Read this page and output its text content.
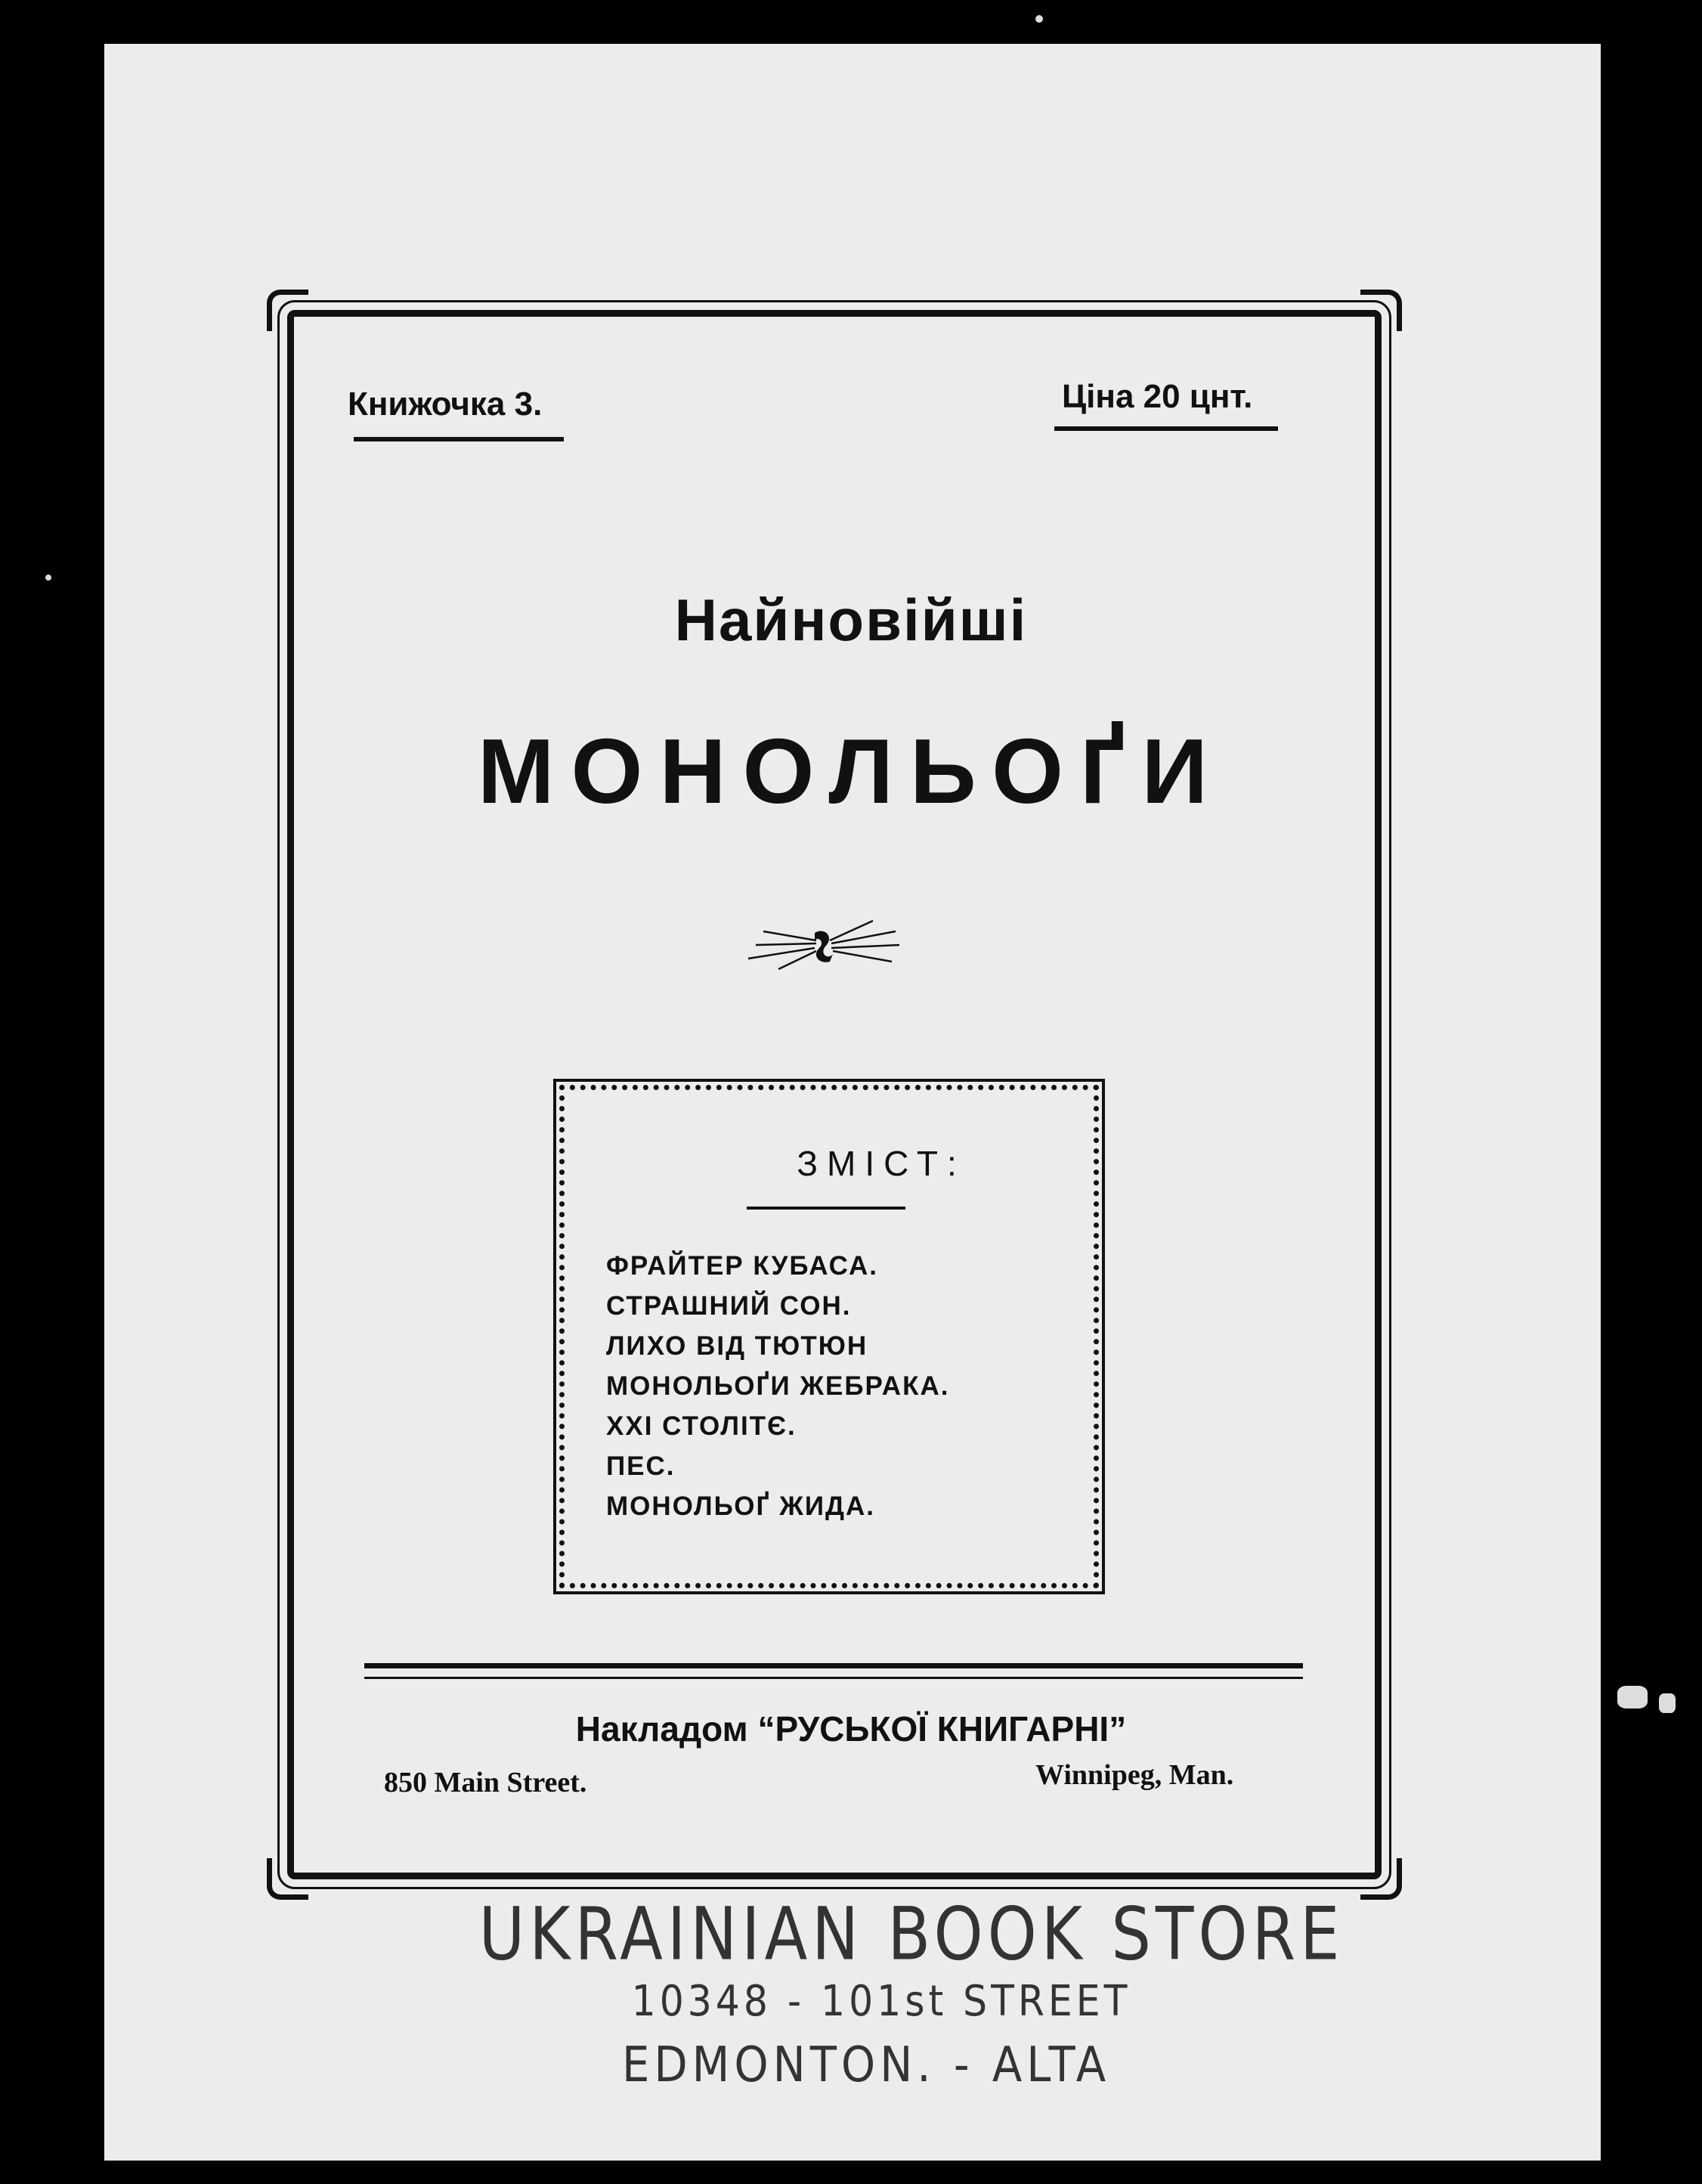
Книжочка 3.	Ціна 20 цнт.
Найновійші
МОНОЛЬОҐИ
ЗМІСТ:
ФРАЙТЕР КУБАСА.
СТРАШНИЙ СОН.
ЛИХО ВІД ТЮТЮН
МОНОЛЬОҐИ ЖЕБРАКА.
XXI СТОЛІТЄ.
ПЕС.
МОНОЛЬОҐ ЖИДА.
Накладом “РУСЬКОЇ КНИГАРНІ”
850 Main Street.	Winnipeg, Man.
UKRAINIAN BOOK STORE
10348 - 101st STREET
EDMONTON. - ALTA
